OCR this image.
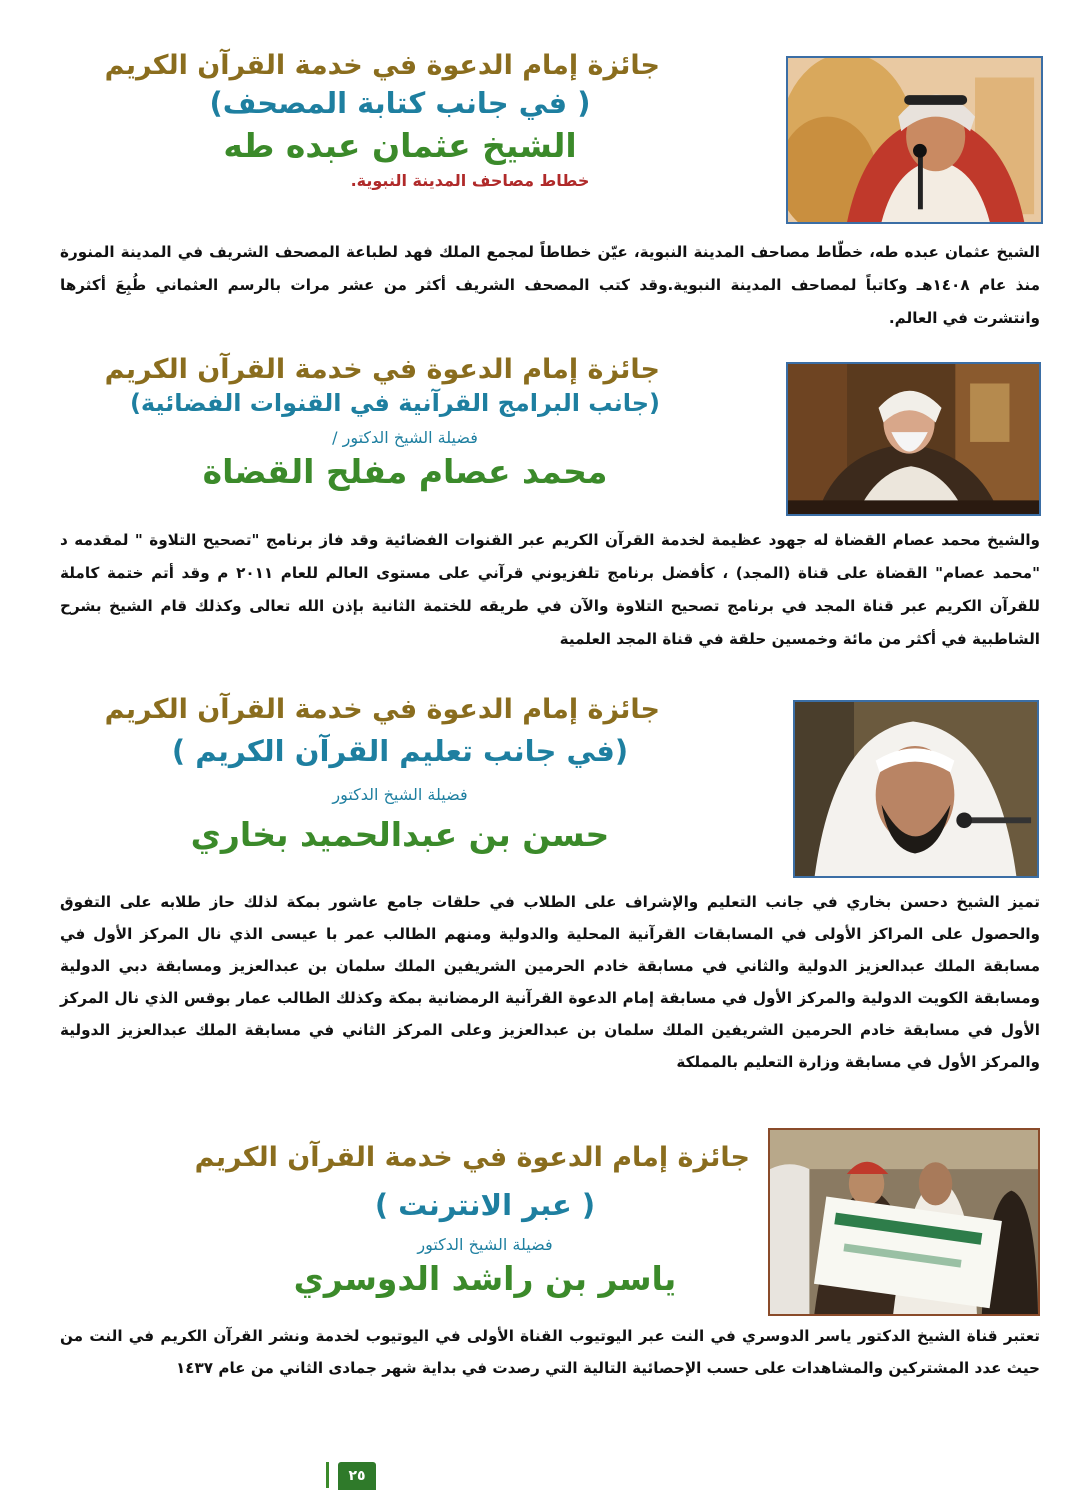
جائزة إمام الدعوة في خدمة القرآن الكريم
( في جانب كتابة المصحف)
الشيخ عثمان عبده طه
خطاط مصاحف المدينة النبوية.
الشيخ عثمان عبده طه، خطّاط مصاحف المدينة النبوية، عيّن خطاطاً لمجمع الملك فهد لطباعة المصحف الشريف في المدينة المنورة منذ عام ١٤٠٨هـ وكاتباً لمصاحف المدينة النبوية.وقد كتب المصحف الشريف أكثر من عشر مرات بالرسم العثماني طُبِعَ أكثرها وانتشرت في العالم.
جائزة إمام الدعوة في خدمة القرآن الكريم
(جانب البرامج القرآنية في القنوات الفضائية)
فضيلة الشيخ الدكتور /
محمد عصام مفلح القضاة
والشيخ محمد عصام القضاة له جهود عظيمة لخدمة القرآن الكريم عبر القنوات الفضائية وقد فاز برنامج "تصحيح التلاوة " لمقدمه د "محمد عصام" القضاة على قناة (المجد) ، كأفضل برنامج تلفزيوني قرآني على مستوى العالم للعام ٢٠١١ م وقد أتم ختمة كاملة للقرآن الكريم عبر قناة المجد في برنامج تصحيح التلاوة والآن في طريقه للختمة الثانية بإذن الله تعالى وكذلك قام الشيخ بشرح الشاطبية في أكثر من مائة وخمسين حلقة في قناة المجد العلمية
جائزة إمام الدعوة في خدمة القرآن الكريم
(في جانب تعليم القرآن الكريم )
فضيلة الشيخ الدكتور
حسن بن عبدالحميد بخاري
تميز الشيخ دحسن بخاري في جانب التعليم والإشراف على الطلاب في حلقات جامع عاشور بمكة لذلك حاز طلابه على التفوق والحصول على المراكز الأولى في المسابقات القرآنية المحلية والدولية ومنهم الطالب عمر با عيسى الذي نال المركز الأول في مسابقة الملك عبدالعزيز الدولية والثاني في مسابقة خادم الحرمين الشريفين الملك سلمان بن عبدالعزيز ومسابقة دبي الدولية ومسابقة الكويت الدولية والمركز الأول في مسابقة إمام الدعوة القرآنية الرمضانية بمكة وكذلك الطالب عمار بوقس الذي نال المركز الأول في مسابقة خادم الحرمين الشريفين الملك سلمان بن عبدالعزيز وعلى المركز الثاني في مسابقة الملك عبدالعزيز الدولية والمركز الأول في مسابقة وزارة التعليم بالمملكة
جائزة إمام الدعوة في خدمة القرآن الكريم
( عبر الانترنت )
فضيلة الشيخ الدكتور
ياسر بن راشد الدوسري
تعتبر قناة الشيخ الدكتور ياسر الدوسري في النت عبر اليوتيوب القناة الأولى في اليوتيوب لخدمة ونشر القرآن الكريم في النت من حيث عدد المشتركين والمشاهدات على حسب الإحصائية التالية التي رصدت في بداية شهر جمادى الثاني من عام ١٤٣٧
٢٥
